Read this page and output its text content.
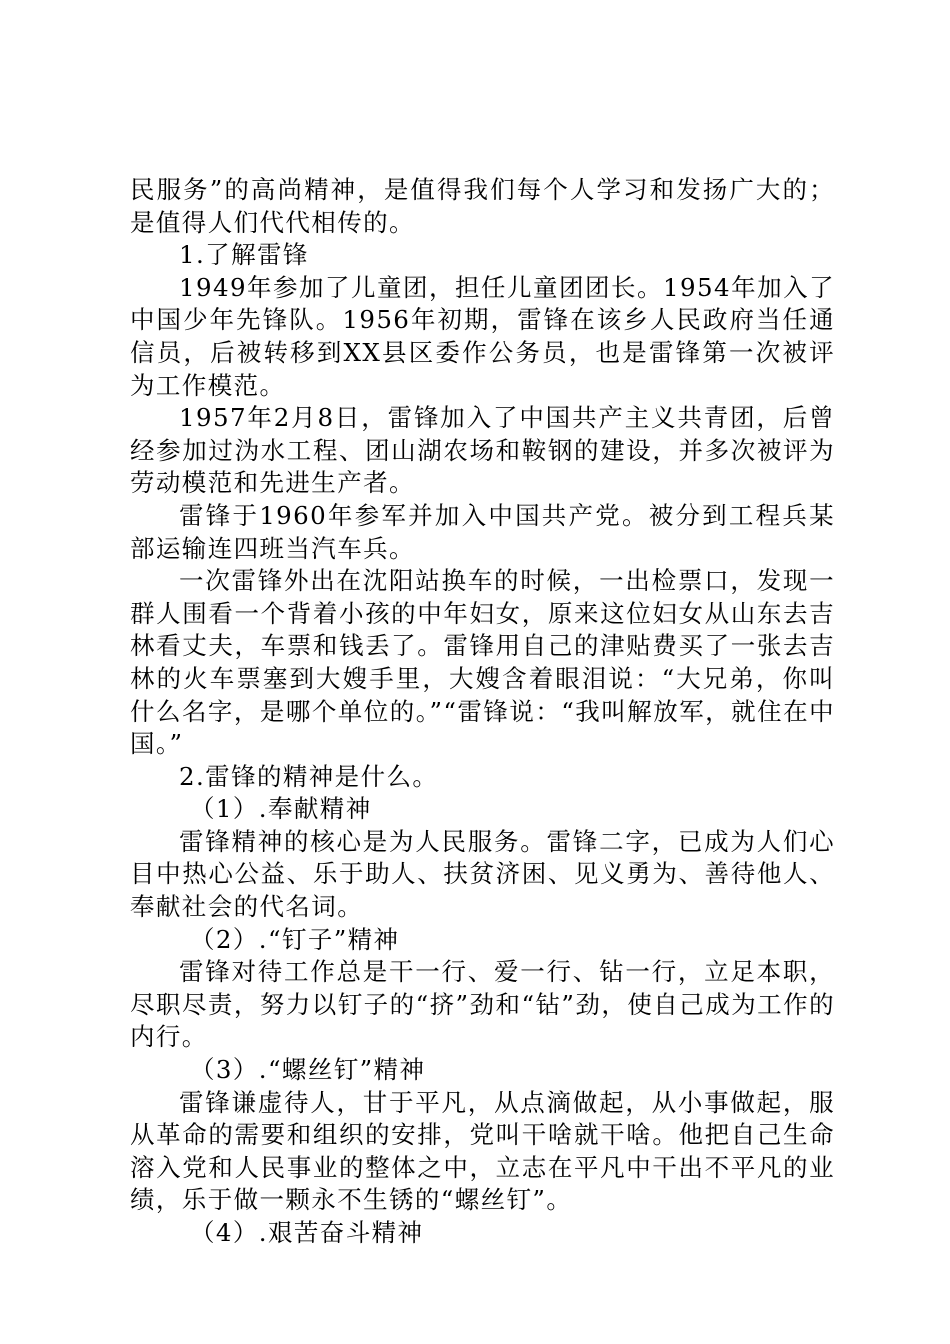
民服务”的高尚精神，是值得我们每个人学习和发扬广大的；是值得人们代代相传的。

1.了解雷锋

1949年参加了儿童团，担任儿童团团长。1954年加入了中国少年先锋队。1956年初期，雷锋在该乡人民政府当任通信员，后被转移到XX县区委作公务员，也是雷锋第一次被评为工作模范。

1957年2月8日，雷锋加入了中国共产主义共青团，后曾经参加过沩水工程、团山湖农场和鞍钢的建设，并多次被评为劳动模范和先进生产者。

雷锋于1960年参军并加入中国共产党。被分到工程兵某部运输连四班当汽车兵。

一次雷锋外出在沈阳站换车的时候，一出检票口，发现一群人围看一个背着小孩的中年妇女，原来这位妇女从山东去吉林看丈夫，车票和钱丢了。雷锋用自己的津贴费买了一张去吉林的火车票塞到大嫂手里，大嫂含着眼泪说：“大兄弟，你叫什么名字，是哪个单位的。”“雷锋说：“我叫解放军，就住在中国。”

2.雷锋的精神是什么。

（1）.奉献精神

雷锋精神的核心是为人民服务。雷锋二字，已成为人们心目中热心公益、乐于助人、扶贫济困、见义勇为、善待他人、奉献社会的代名词。

（2）.“钉子”精神

雷锋对待工作总是干一行、爱一行、钻一行，立足本职，尽职尽责，努力以钉子的“挤”劲和“钻”劲，使自己成为工作的内行。

（3）.“螺丝钉”精神

雷锋谦虚待人，甘于平凡，从点滴做起，从小事做起，服从革命的需要和组织的安排，党叫干啥就干啥。他把自己生命溶入党和人民事业的整体之中，立志在平凡中干出不平凡的业绩，乐于做一颗永不生锈的“螺丝钉”。

（4）.艰苦奋斗精神
